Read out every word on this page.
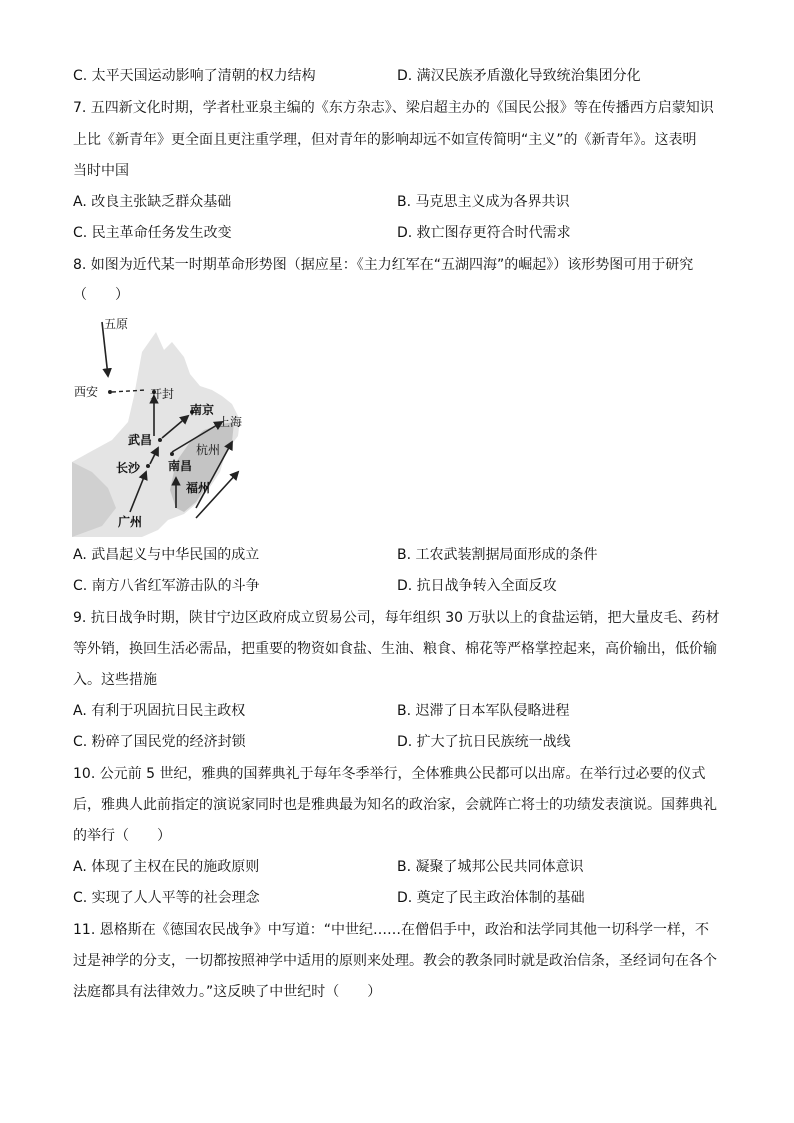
C. 太平天国运动影响了清朝的权力结构	D. 满汉民族矛盾激化导致统治集团分化
7. 五四新文化时期，学者杜亚泉主编的《东方杂志》、梁启超主办的《国民公报》等在传播西方启蒙知识
上比《新青年》更全面且更注重学理，但对青年的影响却远不如宣传简明“主义”的《新青年》。这表明
当时中国
A. 改良主张缺乏群众基础	B. 马克思主义成为各界共识
C. 民主革命任务发生改变	D. 救亡图存更符合时代需求
8. 如图为近代某一时期革命形势图（据应星：《主力红军在“五湖四海”的崛起》）该形势图可用于研究
（　　）
五原
西安	开封
南京
上海
武昌
杭州
长沙 南昌
福州
广州
A. 武昌起义与中华民国的成立	B. 工农武装割据局面形成的条件
C. 南方八省红军游击队的斗争	D. 抗日战争转入全面反攻
9. 抗日战争时期，陕甘宁边区政府成立贸易公司，每年组织 30 万驮以上的食盐运销，把大量皮毛、药材
等外销，换回生活必需品，把重要的物资如食盐、生油、粮食、棉花等严格掌控起来，高价输出，低价输
入。这些措施
A. 有利于巩固抗日民主政权	B. 迟滞了日本军队侵略进程
C. 粉碎了国民党的经济封锁	D. 扩大了抗日民族统一战线
10. 公元前 5 世纪，雅典的国葬典礼于每年冬季举行，全体雅典公民都可以出席。在举行过必要的仪式
后，雅典人此前指定的演说家同时也是雅典最为知名的政治家，会就阵亡将士的功绩发表演说。国葬典礼
的举行（　　）
A. 体现了主权在民的施政原则	B. 凝聚了城邦公民共同体意识
C. 实现了人人平等的社会理念	D. 奠定了民主政治体制的基础
11. 恩格斯在《德国农民战争》中写道：“中世纪……在僧侣手中，政治和法学同其他一切科学一样，不
过是神学的分支，一切都按照神学中适用的原则来处理。教会的教条同时就是政治信条，圣经词句在各个
法庭都具有法律效力。”这反映了中世纪时（　　）
